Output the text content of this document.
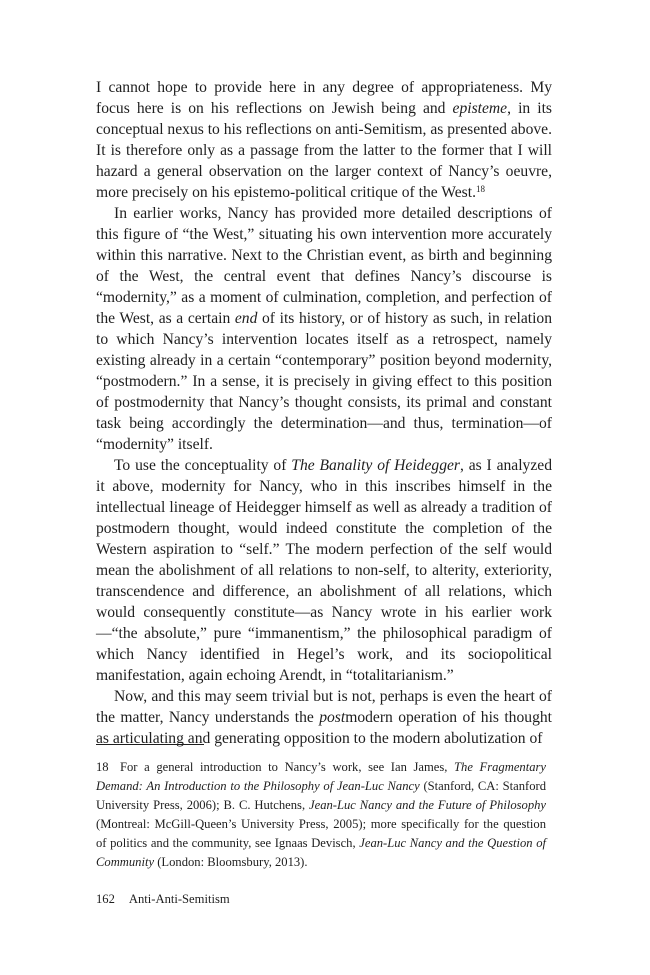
I cannot hope to provide here in any degree of appropriateness. My focus here is on his reflections on Jewish being and episteme, in its conceptual nexus to his reflections on anti-Semitism, as presented above. It is therefore only as a passage from the latter to the former that I will hazard a general observation on the larger context of Nancy’s oeuvre, more precisely on his epistemo-political critique of the West.$^{18}$

In earlier works, Nancy has provided more detailed descriptions of this figure of “the West,” situating his own intervention more accurately within this narrative. Next to the Christian event, as birth and beginning of the West, the central event that defines Nancy’s discourse is “modernity,” as a moment of culmination, completion, and perfection of the West, as a certain end of its history, or of history as such, in relation to which Nancy’s intervention locates itself as a retrospect, namely existing already in a certain “contemporary” position beyond modernity, “postmodern.” In a sense, it is precisely in giving effect to this position of postmodernity that Nancy’s thought consists, its primal and constant task being accordingly the determination—and thus, termination—of “modernity” itself.

To use the conceptuality of The Banality of Heidegger, as I analyzed it above, modernity for Nancy, who in this inscribes himself in the intellectual lineage of Heidegger himself as well as already a tradition of postmodern thought, would indeed constitute the completion of the Western aspiration to “self.” The modern perfection of the self would mean the abolishment of all relations to non-self, to alterity, exteriority, transcendence and difference, an abolishment of all relations, which would consequently constitute—as Nancy wrote in his earlier work—“the absolute,” pure “immanentism,” the philosophical paradigm of which Nancy identified in Hegel’s work, and its sociopolitical manifestation, again echoing Arendt, in “totalitarianism.”

Now, and this may seem trivial but is not, perhaps is even the heart of the matter, Nancy understands the postmodern operation of his thought as articulating and generating opposition to the modern abolutization of

18 For a general introduction to Nancy’s work, see Ian James, The Fragmentary Demand: An Introduction to the Philosophy of Jean-Luc Nancy (Stanford, CA: Stanford University Press, 2006); B. C. Hutchens, Jean-Luc Nancy and the Future of Philosophy (Montreal: McGill-Queen’s University Press, 2005); more specifically for the question of politics and the community, see Ignaas Devisch, Jean-Luc Nancy and the Question of Community (London: Bloomsbury, 2013).

162 Anti-Anti-Semitism
